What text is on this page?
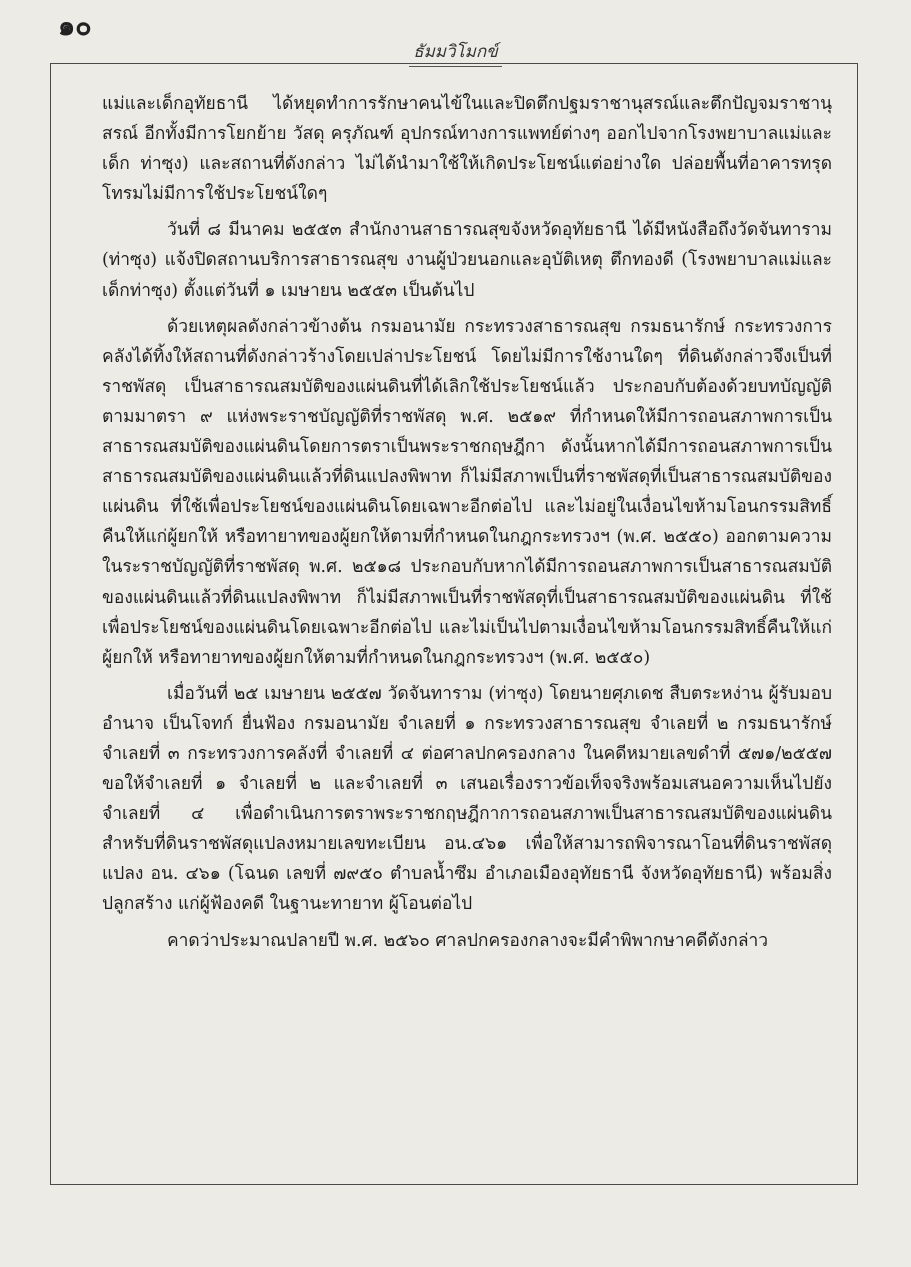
๑๐
ธัมมวิโมกข์

แม่และเด็กอุทัยธานี ได้หยุดทำการรักษาคนไข้ในและปิดตึกปฐมราชานุสรณ์และตึกปัญจมราชานุสรณ์ อีกทั้งมีการโยกย้าย วัสดุ ครุภัณฑ์ อุปกรณ์ทางการแพทย์ต่างๆ ออกไปจากโรงพยาบาลแม่และเด็ก ท่าซุง) และสถานที่ดังกล่าว ไม่ได้นำมาใช้ให้เกิดประโยชน์แต่อย่างใด ปล่อยพื้นที่อาคารทรุดโทรมไม่มีการใช้ประโยชน์ใดๆ

วันที่ ๘ มีนาคม ๒๕๕๓ สำนักงานสาธารณสุขจังหวัดอุทัยธานี ได้มีหนังสือถึงวัดจันทาราม (ท่าซุง) แจ้งปิดสถานบริการสาธารณสุข งานผู้ป่วยนอกและอุบัติเหตุ ตึกทองดี (โรงพยาบาลแม่และเด็กท่าซุง) ตั้งแต่วันที่ ๑ เมษายน ๒๕๕๓ เป็นต้นไป

ด้วยเหตุผลดังกล่าวข้างต้น กรมอนามัย กระทรวงสาธารณสุข กรมธนารักษ์ กระทรวงการคลังได้ทิ้งให้สถานที่ดังกล่าวร้างโดยเปล่าประโยชน์ โดยไม่มีการใช้งานใดๆ ที่ดินดังกล่าวจึงเป็นที่ราชพัสดุ เป็นสาธารณสมบัติของแผ่นดินที่ได้เลิกใช้ประโยชน์แล้ว ประกอบกับต้องด้วยบทบัญญัติตามมาตรา ๙ แห่งพระราชบัญญัติที่ราชพัสดุ พ.ศ. ๒๕๑๙ ที่กำหนดให้มีการถอนสภาพการเป็นสาธารณสมบัติของแผ่นดินโดยการตราเป็นพระราชกฤษฎีกา ดังนั้นหากได้มีการถอนสภาพการเป็นสาธารณสมบัติของแผ่นดินแล้วที่ดินแปลงพิพาท ก็ไม่มีสภาพเป็นที่ราชพัสดุที่เป็นสาธารณสมบัติของแผ่นดิน ที่ใช้เพื่อประโยชน์ของแผ่นดินโดยเฉพาะอีกต่อไป และไม่อยู่ในเงื่อนไขห้ามโอนกรรมสิทธิ์คืนให้แก่ผู้ยกให้ หรือทายาทของผู้ยกให้ตามที่กำหนดในกฎกระทรวงฯ (พ.ศ. ๒๕๕๐) ออกตามความในระราชบัญญัติที่ราชพัสดุ พ.ศ. ๒๕๑๘ ประกอบกับหากได้มีการถอนสภาพการเป็นสาธารณสมบัติของแผ่นดินแล้วที่ดินแปลงพิพาท ก็ไม่มีสภาพเป็นที่ราชพัสดุที่เป็นสาธารณสมบัติของแผ่นดิน ที่ใช้เพื่อประโยชน์ของแผ่นดินโดยเฉพาะอีกต่อไป และไม่เป็นไปตามเงื่อนไขห้ามโอนกรรมสิทธิ์คืนให้แก่ผู้ยกให้ หรือทายาทของผู้ยกให้ตามที่กำหนดในกฎกระทรวงฯ (พ.ศ. ๒๕๕๐)

เมื่อวันที่ ๒๕ เมษายน ๒๕๕๗ วัดจันทาราม (ท่าซุง) โดยนายศุภเดช สืบตระหง่าน ผู้รับมอบอำนาจ เป็นโจทก์ ยื่นฟ้อง กรมอนามัย จำเลยที่ ๑ กระทรวงสาธารณสุข จำเลยที่ ๒ กรมธนารักษ์จำเลยที่ ๓ กระทรวงการคลังที่ จำเลยที่ ๔ ต่อศาลปกครองกลาง ในคดีหมายเลขดำที่ ๕๗๑/๒๕๕๗ ขอให้จำเลยที่ ๑ จำเลยที่ ๒ และจำเลยที่ ๓ เสนอเรื่องราวข้อเท็จจริงพร้อมเสนอความเห็นไปยังจำเลยที่ ๔ เพื่อดำเนินการตราพระราชกฤษฎีกาการถอนสภาพเป็นสาธารณสมบัติของแผ่นดิน สำหรับที่ดินราชพัสดุแปลงหมายเลขทะเบียน อน.๔๖๑ เพื่อให้สามารถพิจารณาโอนที่ดินราชพัสดุแปลง อน. ๔๖๑ (โฉนด เลขที่ ๗๙๕๐ ตำบลน้ำซึม อำเภอเมืองอุทัยธานี จังหวัดอุทัยธานี) พร้อมสิ่งปลูกสร้าง แก่ผู้ฟ้องคดี ในฐานะทายาท ผู้โอนต่อไป

คาดว่าประมาณปลายปี พ.ศ. ๒๕๖๐ ศาลปกครองกลางจะมีคำพิพากษาคดีดังกล่าว
